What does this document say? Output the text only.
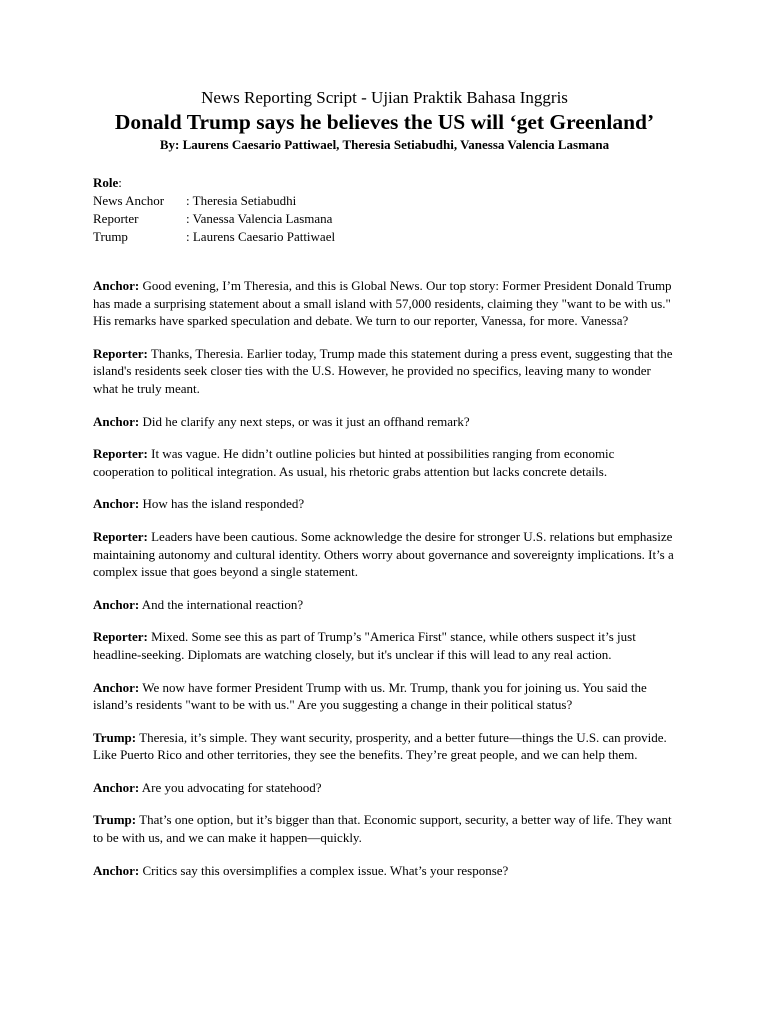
News Reporting Script - Ujian Praktik Bahasa Inggris

Donald Trump says he believes the US will ‘get Greenland’

By: Laurens Caesario Pattiwael, Theresia Setiabudhi, Vanessa Valencia Lasmana

Role:
News Anchor	: Theresia Setiabudhi
Reporter	: Vanessa Valencia Lasmana
Trump	: Laurens Caesario Pattiwael

Anchor: Good evening, I’m Theresia, and this is Global News. Our top story: Former President Donald Trump has made a surprising statement about a small island with 57,000 residents, claiming they "want to be with us." His remarks have sparked speculation and debate. We turn to our reporter, Vanessa, for more. Vanessa?

Reporter: Thanks, Theresia. Earlier today, Trump made this statement during a press event, suggesting that the island's residents seek closer ties with the U.S. However, he provided no specifics, leaving many to wonder what he truly meant.

Anchor: Did he clarify any next steps, or was it just an offhand remark?

Reporter: It was vague. He didn’t outline policies but hinted at possibilities ranging from economic cooperation to political integration. As usual, his rhetoric grabs attention but lacks concrete details.

Anchor: How has the island responded?

Reporter: Leaders have been cautious. Some acknowledge the desire for stronger U.S. relations but emphasize maintaining autonomy and cultural identity. Others worry about governance and sovereignty implications. It’s a complex issue that goes beyond a single statement.

Anchor: And the international reaction?

Reporter: Mixed. Some see this as part of Trump’s "America First" stance, while others suspect it’s just headline-seeking. Diplomats are watching closely, but it's unclear if this will lead to any real action.

Anchor: We now have former President Trump with us. Mr. Trump, thank you for joining us. You said the island’s residents "want to be with us." Are you suggesting a change in their political status?

Trump: Theresia, it’s simple. They want security, prosperity, and a better future—things the U.S. can provide. Like Puerto Rico and other territories, they see the benefits. They’re great people, and we can help them.

Anchor: Are you advocating for statehood?

Trump: That’s one option, but it’s bigger than that. Economic support, security, a better way of life. They want to be with us, and we can make it happen—quickly.

Anchor: Critics say this oversimplifies a complex issue. What’s your response?
